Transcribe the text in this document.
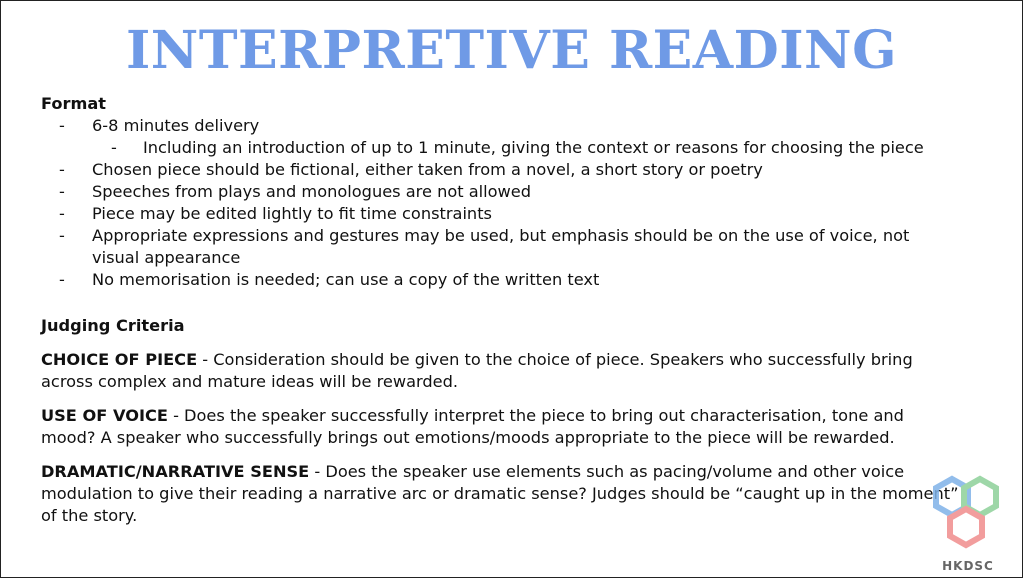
INTERPRETIVE READING

Format

- 6-8 minutes delivery
- Including an introduction of up to 1 minute, giving the context or reasons for choosing the piece
- Chosen piece should be fictional, either taken from a novel, a short story or poetry
- Speeches from plays and monologues are not allowed
- Piece may be edited lightly to fit time constraints
- Appropriate expressions and gestures may be used, but emphasis should be on the use of voice, not visual appearance
- No memorisation is needed; can use a copy of the written text

Judging Criteria

CHOICE OF PIECE - Consideration should be given to the choice of piece. Speakers who successfully bring across complex and mature ideas will be rewarded.

USE OF VOICE - Does the speaker successfully interpret the piece to bring out characterisation, tone and mood? A speaker who successfully brings out emotions/moods appropriate to the piece will be rewarded.

DRAMATIC/NARRATIVE SENSE - Does the speaker use elements such as pacing/volume and other voice modulation to give their reading a narrative arc or dramatic sense? Judges should be “caught up in the moment” of the story.

HKDSC
